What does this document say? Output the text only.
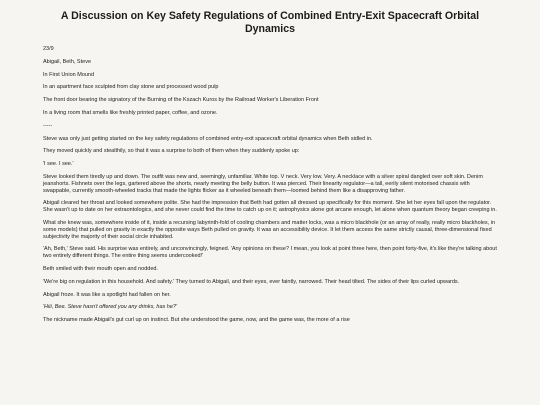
A Discussion on Key Safety Regulations of Combined Entry-Exit Spacecraft Orbital Dynamics

23/9

Abigail, Beth, Steve

In First Union Mound

In an apartment face sculpted from clay stone and processed wood pulp

The front door bearing the signatory of the Burning of the Kszach Kuros by the Railroad Worker's Liberation Front

In a living room that smells like freshly printed paper, coffee, and ozone.

-----

Steve was only just getting started on the key safety regulations of combined entry-exit spacecraft orbital dynamics when Beth sidled in.

They moved quickly and stealthily, so that it was a surprise to both of them when they suddenly spoke up:

'I see. I see.'

Steve looked them tiredly up and down. The outfit was new and, seemingly, unfamiliar. White top. V neck. Very low. Very. A necklace with a silver spiral dangled over soft skin. Denim jeanshorts. Fishnets over the legs, gartered above the shorts, nearly meeting the belly button. It was pierced. Their linearity regulator—a tall, eerily silent motorised chassis with swappable, currently smooth-wheeled tracks that made the lights flicker as it wheeled beneath them—loomed behind them like a disapproving father.

Abigail cleared her throat and looked somewhere polite. She had the impression that Beth had gotten all dressed up specifically for this moment. She let her eyes fall upon the regulator. She wasn't up to date on her extraontologics, and she never could find the time to catch up on it; astrophysics alone got arcane enough, let alone when quantum theory began creeping in.

What she knew was, somewhere inside of it, inside a recursing labyrinth-fold of cooling chambers and matter locks, was a micro blackhole (or an array of really, really micro blackholes, in some models) that pulled on gravity in exactly the opposite ways Beth pulled on gravity. It was an accessibility device. It let them access the same strictly causal, three-dimensional fixed subjectivity the majority of their social circle inhabited.

'Ah, Beth,' Steve said. His surprise was entirely, and unconvincingly, feigned. 'Any opinions on these? I mean, you look at point three here, then point forty-five, it's like they're talking about two entirely different things. The entire thing seems undercooked!'

Beth smiled with their mouth open and nodded.

'We're big on regulation in this household. And safety.' They turned to Abigail, and their eyes, ever faintly, narrowed. Their head tilted. The sides of their lips curled upwards.

Abigail froze. It was like a spotlight had fallen on her.

'Hiii, Bee. Steve hasn't offered you any drinks, has he?'

The nickname made Abigail's gut curl up on instinct. But she understood the game, now, and the game was, the more of a rise
